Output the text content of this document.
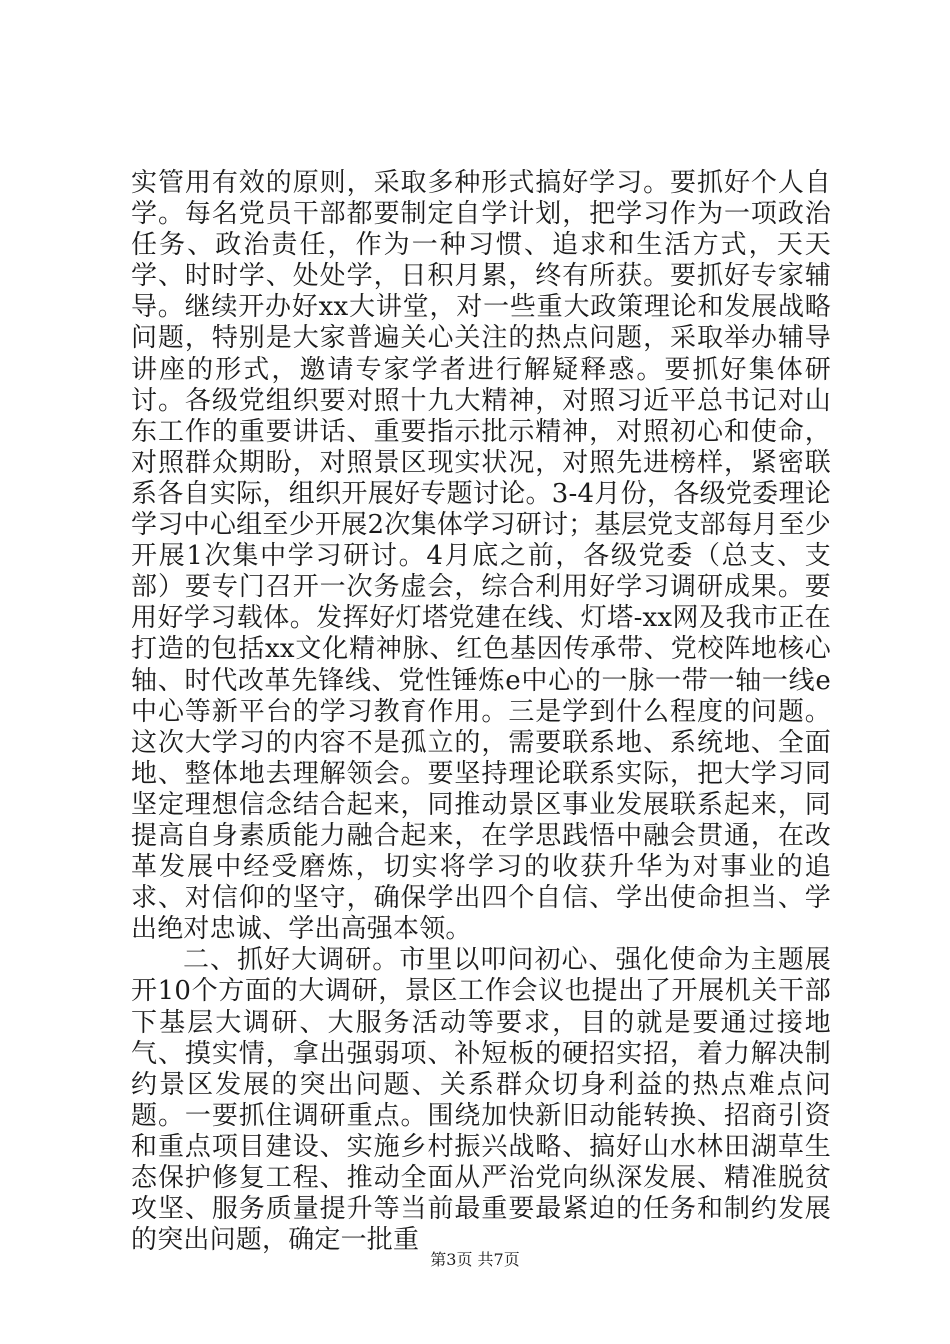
实管用有效的原则，采取多种形式搞好学习。要抓好个人自学。每名党员干部都要制定自学计划，把学习作为一项政治任务、政治责任，作为一种习惯、追求和生活方式，天天学、时时学、处处学，日积月累，终有所获。要抓好专家辅导。继续开办好xx大讲堂，对一些重大政策理论和发展战略问题，特别是大家普遍关心关注的热点问题，采取举办辅导讲座的形式，邀请专家学者进行解疑释惑。要抓好集体研讨。各级党组织要对照十九大精神，对照习近平总书记对山东工作的重要讲话、重要指示批示精神，对照初心和使命，对照群众期盼，对照景区现实状况，对照先进榜样，紧密联系各自实际，组织开展好专题讨论。3-4月份，各级党委理论学习中心组至少开展2次集体学习研讨；基层党支部每月至少开展1次集中学习研讨。4月底之前，各级党委（总支、支部）要专门召开一次务虚会，综合利用好学习调研成果。要用好学习载体。发挥好灯塔党建在线、灯塔-xx网及我市正在打造的包括xx文化精神脉、红色基因传承带、党校阵地核心轴、时代改革先锋线、党性锤炼e中心的一脉一带一轴一线e中心等新平台的学习教育作用。三是学到什么程度的问题。这次大学习的内容不是孤立的，需要联系地、系统地、全面地、整体地去理解领会。要坚持理论联系实际，把大学习同坚定理想信念结合起来，同推动景区事业发展联系起来，同提高自身素质能力融合起来，在学思践悟中融会贯通，在改革发展中经受磨炼，切实将学习的收获升华为对事业的追求、对信仰的坚守，确保学出四个自信、学出使命担当、学出绝对忠诚、学出高强本领。

二、抓好大调研。市里以叩问初心、强化使命为主题展开10个方面的大调研，景区工作会议也提出了开展机关干部下基层大调研、大服务活动等要求，目的就是要通过接地气、摸实情，拿出强弱项、补短板的硬招实招，着力解决制约景区发展的突出问题、关系群众切身利益的热点难点问题。一要抓住调研重点。围绕加快新旧动能转换、招商引资和重点项目建设、实施乡村振兴战略、搞好山水林田湖草生态保护修复工程、推动全面从严治党向纵深发展、精准脱贫攻坚、服务质量提升等当前最重要最紧迫的任务和制约发展的突出问题，确定一批重

第3页 共7页
